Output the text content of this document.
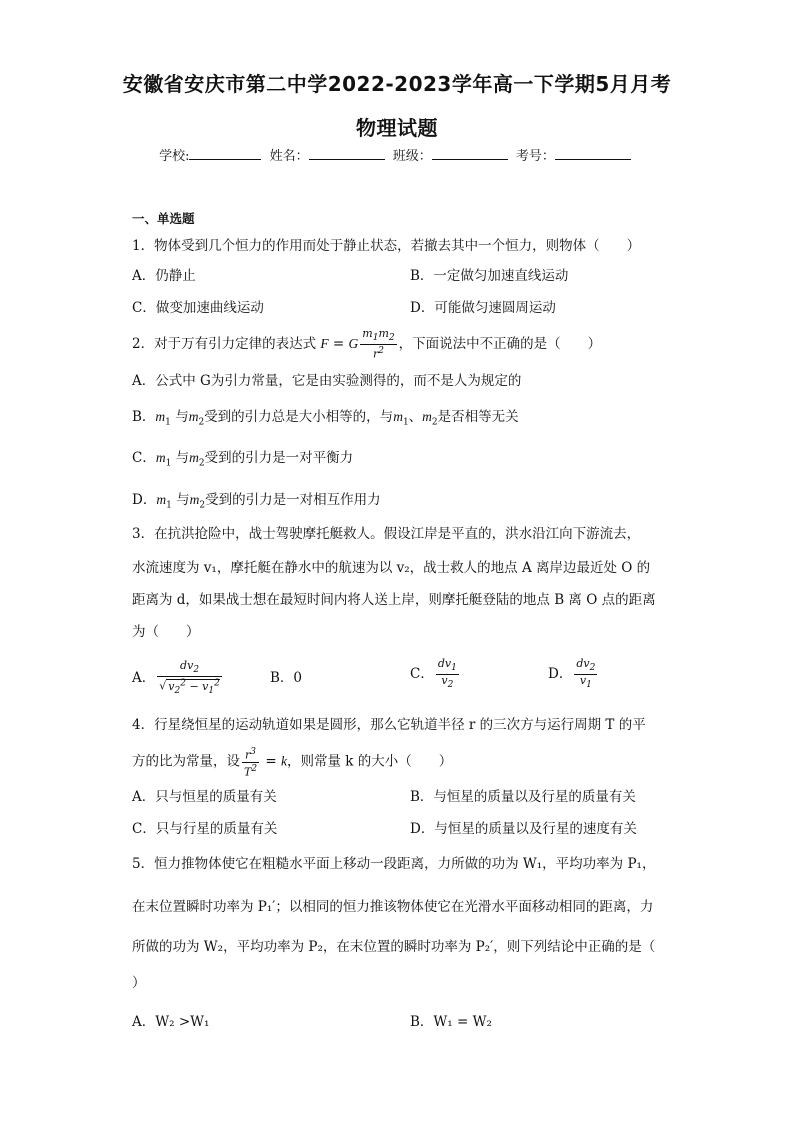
安徽省安庆市第二中学2022-2023学年高一下学期5月月考
物理试题
学校:	姓名：	班级：	考号：
一、单选题
1．物体受到几个恒力的作用而处于静止状态，若撤去其中一个恒力，则物体（　　）
A．仍静止	B．一定做匀加速直线运动
C．做变加速曲线运动	D．可能做匀速圆周运动
2．对于万有引力定律的表达式 F = G $\frac{m_1m_2}{r^2}$ ，下面说法中不正确的是（　　）
A．公式中 G为引力常量，它是由实验测得的，而不是人为规定的
B．$m_1$ 与$m_2$受到的引力总是大小相等的，与$m_1$、$m_2$是否相等无关
C．$m_1$ 与$m_2$受到的引力是一对平衡力
D．$m_1$ 与$m_2$受到的引力是一对相互作用力
3．在抗洪抢险中，战士驾驶摩托艇救人。假设江岸是平直的，洪水沿江向下游流去，
水流速度为 v₁，摩托艇在静水中的航速为以 v₂，战士救人的地点 A 离岸边最近处 O 的
距离为 d，如果战士想在最短时间内将人送上岸，则摩托艇登陆的地点 B 离 O 点的距离
为（　　）
A． $\frac{dv_2}{√ v_2^2 - v_1^2}$	B．0	C． $\frac{dv_1}{v_2}$	D． $\frac{dv_2}{v_1}$
4．行星绕恒星的运动轨道如果是圆形，那么它轨道半径 r 的三次方与运行周期 T 的平
方的比为常量，设 $\frac{r^3}{T^2} = k$，则常量 k 的大小（　　）
A．只与恒星的质量有关	B．与恒星的质量以及行星的质量有关
C．只与行星的质量有关	D．与恒星的质量以及行星的速度有关
5．恒力推物体使它在粗糙水平面上移动一段距离，力所做的功为 W₁，平均功率为 P₁，
在末位置瞬时功率为 P₁′；以相同的恒力推该物体使它在光滑水平面移动相同的距离，力
所做的功为 W₂，平均功率为 P₂，在末位置的瞬时功率为 P₂′，则下列结论中正确的是（
）
A．W₂ >W₁	B．W₁ = W₂
